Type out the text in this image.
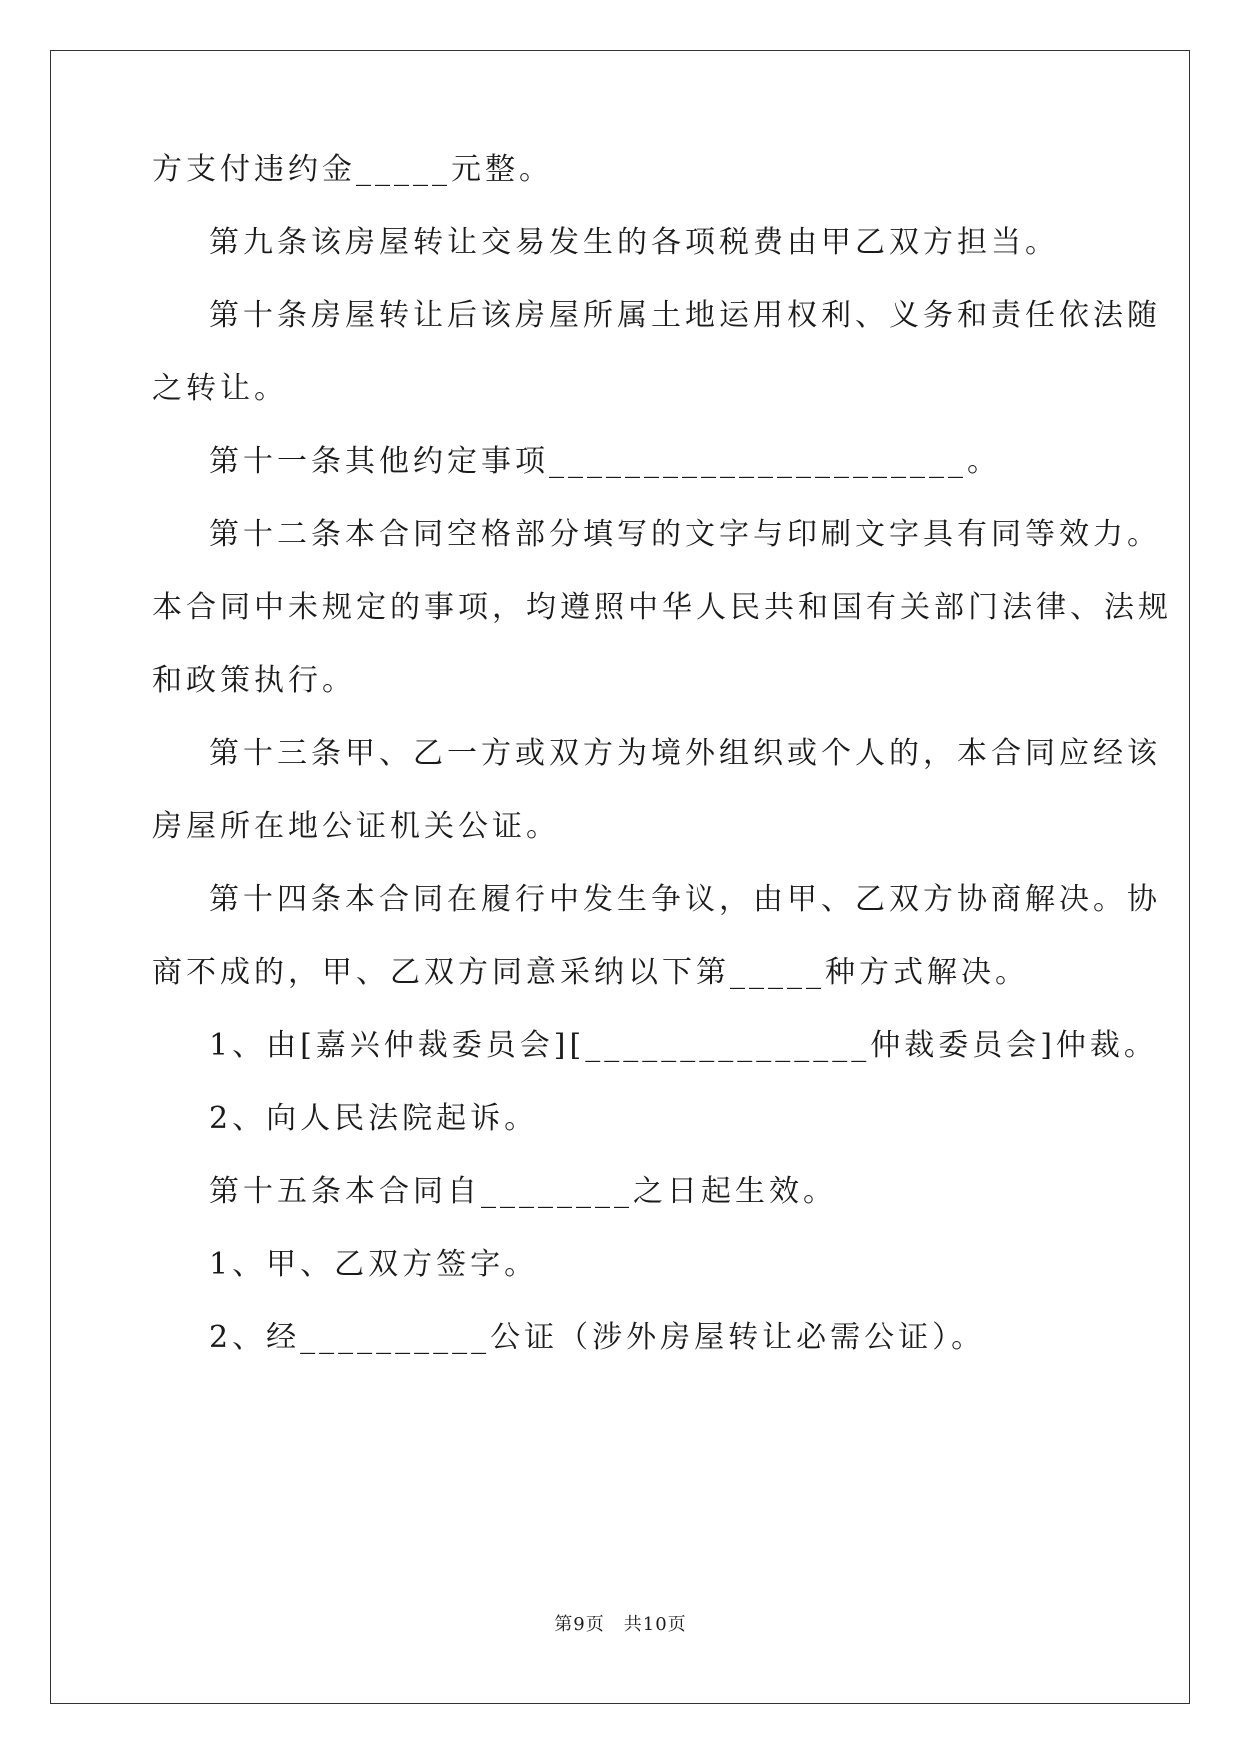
方支付违约金_____元整。
第九条该房屋转让交易发生的各项税费由甲乙双方担当。
第十条房屋转让后该房屋所属土地运用权利、义务和责任依法随
之转让。
第十一条其他约定事项______________________。
第十二条本合同空格部分填写的文字与印刷文字具有同等效力。
本合同中未规定的事项，均遵照中华人民共和国有关部门法律、法规
和政策执行。
第十三条甲、乙一方或双方为境外组织或个人的，本合同应经该
房屋所在地公证机关公证。
第十四条本合同在履行中发生争议，由甲、乙双方协商解决。协
商不成的，甲、乙双方同意采纳以下第_____种方式解决。
1、由[嘉兴仲裁委员会][_______________仲裁委员会]仲裁。
2、向人民法院起诉。
第十五条本合同自________之日起生效。
1、甲、乙双方签字。
2、经__________公证（涉外房屋转让必需公证）。
第9页　共10页
